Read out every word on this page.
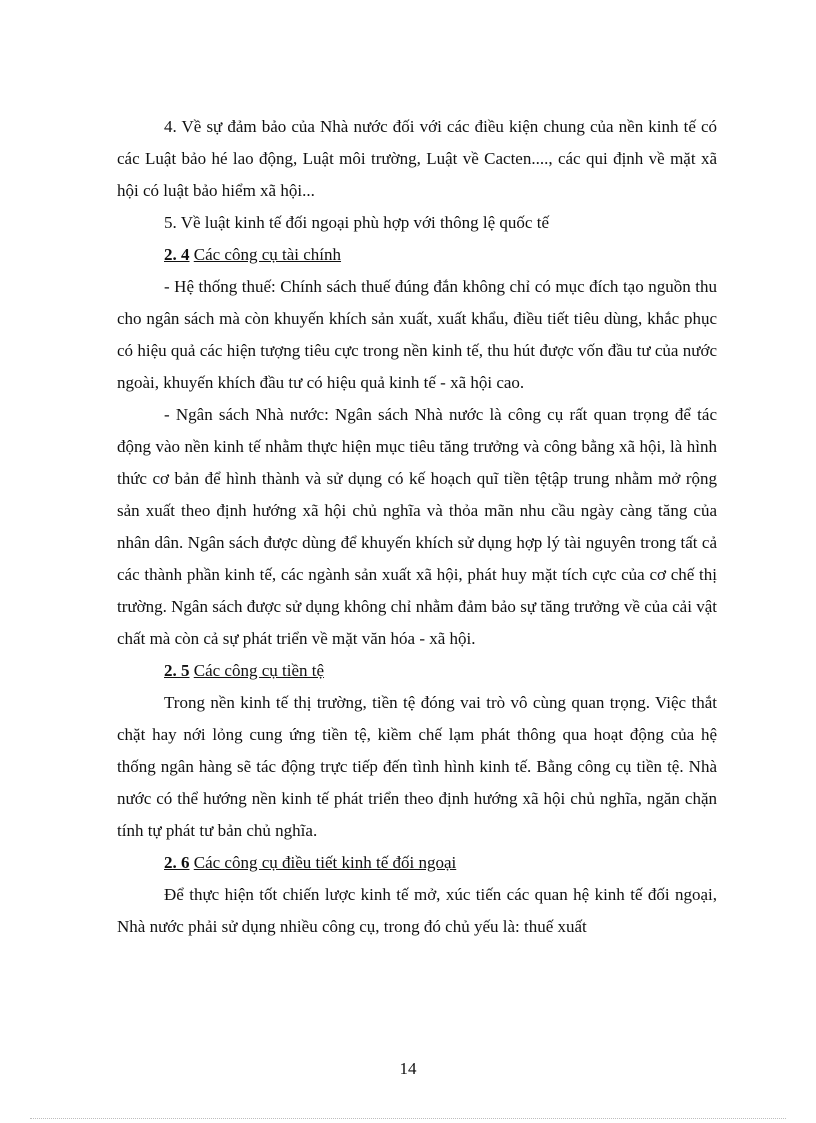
4. Về sự đảm bảo của Nhà nước đối với các điều kiện chung của nền kinh tế có các Luật bảo hé lao động, Luật môi trường, Luật về Cacten...., các qui định về mặt xã hội có luật bảo hiểm xã hội...

5. Về luật kinh tế đối ngoại phù hợp với thông lệ quốc tế

2. 4 Các công cụ tài chính

- Hệ thống thuế: Chính sách thuế đúng đắn không chỉ có mục đích tạo nguồn thu cho ngân sách mà còn khuyến khích sản xuất, xuất khẩu, điều tiết tiêu dùng, khắc phục có hiệu quả các hiện tượng tiêu cực trong nền kinh tế, thu hút được vốn đầu tư của nước ngoài, khuyến khích đầu tư có hiệu quả kinh tế - xã hội cao.

- Ngân sách Nhà nước: Ngân sách Nhà nước là công cụ rất quan trọng để tác động vào nền kinh tế nhằm thực hiện mục tiêu tăng trưởng và công bằng xã hội, là hình thức cơ bản để hình thành và sử dụng có kế hoạch quĩ tiền tệtập trung nhằm mở rộng sản xuất theo định hướng xã hội chủ nghĩa và thỏa mãn nhu cầu ngày càng tăng của nhân dân. Ngân sách được dùng để khuyến khích sử dụng hợp lý tài nguyên trong tất cả các thành phần kinh tế, các ngành sản xuất xã hội, phát huy mặt tích cực của cơ chế thị trường. Ngân sách được sử dụng không chỉ nhằm đảm bảo sự tăng trưởng về của cải vật chất mà còn cả sự phát triển về mặt văn hóa - xã hội.

2. 5 Các công cụ tiền tệ

Trong nền kinh tế thị trường, tiền tệ đóng vai trò vô cùng quan trọng. Việc thắt chặt hay nới lỏng cung ứng tiền tệ, kiềm chế lạm phát thông qua hoạt động của hệ thống ngân hàng sẽ tác động trực tiếp đến tình hình kinh tế. Bằng công cụ tiền tệ. Nhà nước có thể hướng nền kinh tế phát triển theo định hướng xã hội chủ nghĩa, ngăn chặn tính tự phát tư bản chủ nghĩa.

2. 6 Các công cụ điều tiết kinh tế đối ngoại

Để thực hiện tốt chiến lược kinh tế mở, xúc tiến các quan hệ kinh tế đối ngoại, Nhà nước phải sử dụng nhiều công cụ, trong đó chủ yếu là: thuế xuất

14
